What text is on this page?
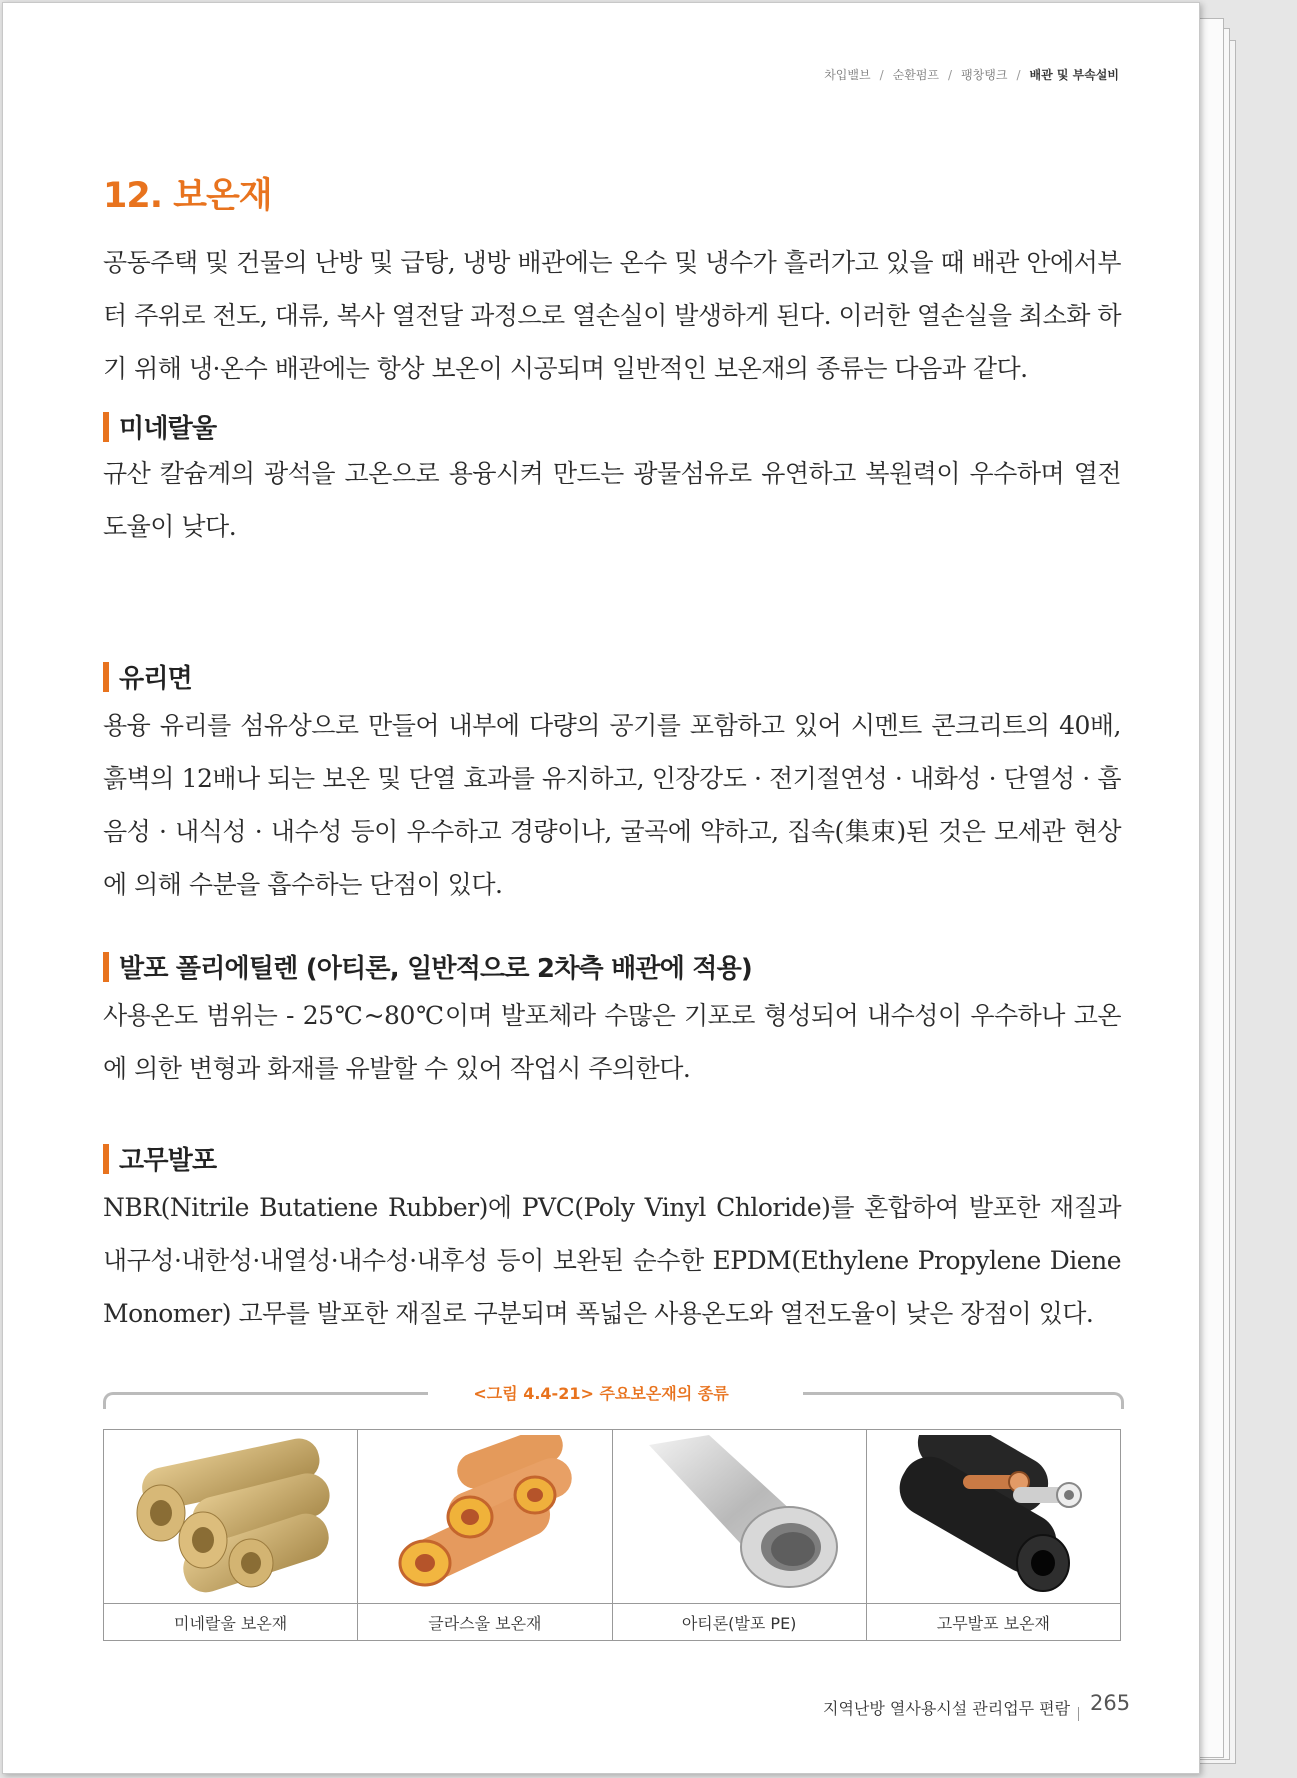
차입밸브 / 순환펌프 / 팽창탱크 / 배관 및 부속설비
12. 보온재

공동주택 및 건물의 난방 및 급탕, 냉방 배관에는 온수 및 냉수가 흘러가고 있을 때 배관 안에서부터 주위로 전도, 대류, 복사 열전달 과정으로 열손실이 발생하게 된다. 이러한 열손실을 최소화 하기 위해 냉·온수 배관에는 항상 보온이 시공되며 일반적인 보온재의 종류는 다음과 같다.

미네랄울

규산 칼슘계의 광석을 고온으로 용융시켜 만드는 광물섬유로 유연하고 복원력이 우수하며 열전도율이 낮다.

유리면

용융 유리를 섬유상으로 만들어 내부에 다량의 공기를 포함하고 있어 시멘트 콘크리트의 40배, 흙벽의 12배나 되는 보온 및 단열 효과를 유지하고, 인장강도 · 전기절연성 · 내화성 · 단열성 · 흡음성 · 내식성 · 내수성 등이 우수하고 경량이나, 굴곡에 약하고, 집속(集束)된 것은 모세관 현상에 의해 수분을 흡수하는 단점이 있다.

발포 폴리에틸렌 (아티론, 일반적으로 2차측 배관에 적용)

사용온도 범위는 - 25℃~80℃이며 발포체라 수많은 기포로 형성되어 내수성이 우수하나 고온에 의한 변형과 화재를 유발할 수 있어 작업시 주의한다.

고무발포

NBR(Nitrile Butatiene Rubber)에 PVC(Poly Vinyl Chloride)를 혼합하여 발포한 재질과 내구성·내한성·내열성·내수성·내후성 등이 보완된 순수한 EPDM(Ethylene Propylene Diene Monomer) 고무를 발포한 재질로 구분되며 폭넓은 사용온도와 열전도율이 낮은 장점이 있다.

<그림 4.4-21> 주요보온재의 종류

미네랄울 보온재	글라스울 보온재	아티론(발포 PE)	고무발포 보온재
지역난방 열사용시설 관리업무 편람 265
